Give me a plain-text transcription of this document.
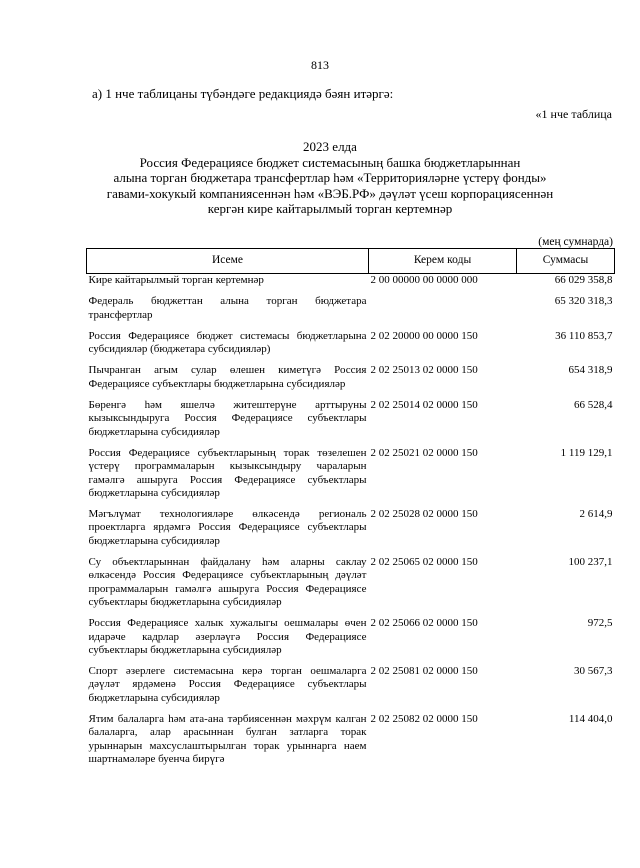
813
а) 1 нче таблицаны түбәндәге редакциядә бәян итәргә:
«1 нче таблица
2023 елда
Россия Федерациясе бюджет системасының башка бюджетларыннан
алына торган бюджетара трансфертлар һәм «Территорияләрне үстерү фонды»
гавами-хокукый компаниясеннән һәм «ВЭБ.РФ» дәүләт үсеш корпорациясеннән
кергән кире кайтарылмый торган кертемнәр
(мең сумнарда)
Исеме	Керем коды	Суммасы
Кире кайтарылмый торган кертемнәр	2 00 00000 00 0000 000	66 029 358,8
Федераль бюджеттан алына торган бюджетара трансфертлар		65 320 318,3
Россия Федерациясе бюджет системасы бюджетларына субсидияләр (бюджетара субсидияләр)	2 02 20000 00 0000 150	36 110 853,7
Пычранган агым сулар өлешен киметүгә Россия Федерациясе субъектлары бюджетларына субсидияләр	2 02 25013 02 0000 150	654 318,9
Бөренгә һәм яшелчә житештерүне арттыруны кызыксындыруга Россия Федерациясе субъектлары бюджетларына субсидияләр	2 02 25014 02 0000 150	66 528,4
Россия Федерациясе субъектларының торак төзелешен үстерү программаларын кызыксындыру чараларын гамәлгә ашыруга Россия Федерациясе субъектлары бюджетларына субсидияләр	2 02 25021 02 0000 150	1 119 129,1
Мәгълүмат технологияләре өлкәсендә региональ проектларга ярдәмгә Россия Федерациясе субъектлары бюджетларына субсидияләр	2 02 25028 02 0000 150	2 614,9
Су объектларыннан файдалану һәм аларны саклау өлкәсендә Россия Федерациясе субъектларының дәүләт программаларын гамәлгә ашыруга Россия Федерациясе субъектлары бюджетларына субсидияләр	2 02 25065 02 0000 150	100 237,1
Россия Федерациясе халык хужалыгы оешмалары өчен идарәче кадрлар әзерләүгә Россия Федерациясе субъектлары бюджетларына субсидияләр	2 02 25066 02 0000 150	972,5
Спорт әзерлеге системасына керә торган оешмаларга дәүләт ярдәменә Россия Федерациясе субъектлары бюджетларына субсидияләр	2 02 25081 02 0000 150	30 567,3
Ятим балаларга һәм ата-ана тәрбиясеннән мәхрүм калган балаларга, алар арасыннан булган затларга торак урыннарын махсуслаштырылган торак урыннарга наем шартнамәләре буенча бирүгә	2 02 25082 02 0000 150	114 404,0
